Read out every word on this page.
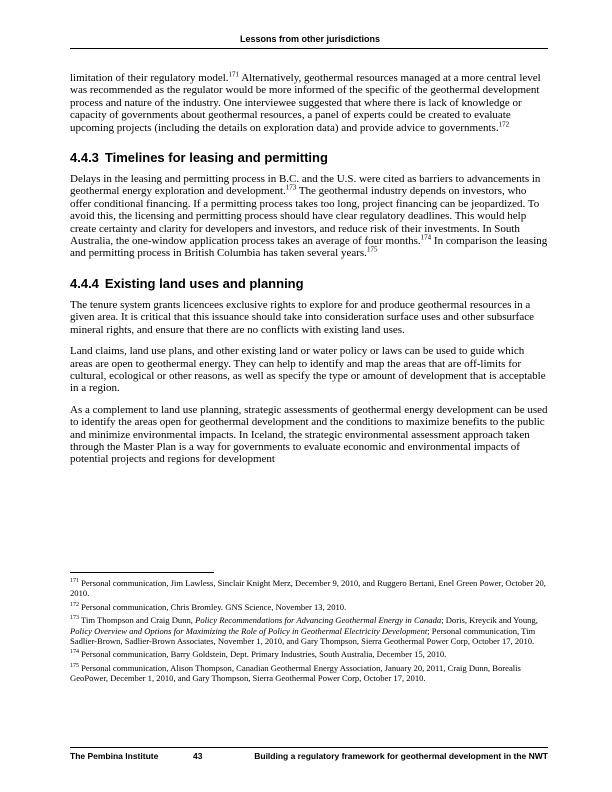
Lessons from other jurisdictions

limitation of their regulatory model.$^{171}$ Alternatively, geothermal resources managed at a more central level was recommended as the regulator would be more informed of the specific of the geothermal development process and nature of the industry. One interviewee suggested that where there is lack of knowledge or capacity of governments about geothermal resources, a panel of experts could be created to evaluate upcoming projects (including the details on exploration data) and provide advice to governments.$^{172}$

4.4.3 Timelines for leasing and permitting

Delays in the leasing and permitting process in B.C. and the U.S. were cited as barriers to advancements in geothermal energy exploration and development.$^{173}$ The geothermal industry depends on investors, who offer conditional financing. If a permitting process takes too long, project financing can be jeopardized. To avoid this, the licensing and permitting process should have clear regulatory deadlines. This would help create certainty and clarity for developers and investors, and reduce risk of their investments. In South Australia, the one-window application process takes an average of four months.$^{174}$ In comparison the leasing and permitting process in British Columbia has taken several years.$^{175}$

4.4.4 Existing land uses and planning

The tenure system grants licencees exclusive rights to explore for and produce geothermal resources in a given area. It is critical that this issuance should take into consideration surface uses and other subsurface mineral rights, and ensure that there are no conflicts with existing land uses.

Land claims, land use plans, and other existing land or water policy or laws can be used to guide which areas are open to geothermal energy. They can help to identify and map the areas that are off-limits for cultural, ecological or other reasons, as well as specify the type or amount of development that is acceptable in a region.

As a complement to land use planning, strategic assessments of geothermal energy development can be used to identify the areas open for geothermal development and the conditions to maximize benefits to the public and minimize environmental impacts. In Iceland, the strategic environmental assessment approach taken through the Master Plan is a way for governments to evaluate economic and environmental impacts of potential projects and regions for development

$^{171}$ Personal communication, Jim Lawless, Sinclair Knight Merz, December 9, 2010, and Ruggero Bertani, Enel Green Power, October 20, 2010.
$^{172}$ Personal communication, Chris Bromley. GNS Science, November 13, 2010.
$^{173}$ Tim Thompson and Craig Dunn, Policy Recommendations for Advancing Geothermal Energy in Canada; Doris, Kreycik and Young, Policy Overview and Options for Maximizing the Role of Policy in Geothermal Electricity Development; Personal communication, Tim Sadlier-Brown, Sadlier-Brown Associates, November 1, 2010, and Gary Thompson, Sierra Geothermal Power Corp, October 17, 2010.
$^{174}$ Personal communication, Barry Goldstein, Dept. Primary Industries, South Australia, December 15, 2010.
$^{175}$ Personal communication, Alison Thompson, Canadian Geothermal Energy Association, January 20, 2011, Craig Dunn, Borealis GeoPower, December 1, 2010, and Gary Thompson, Sierra Geothermal Power Corp, October 17, 2010.
The Pembina Institute	43	Building a regulatory framework for geothermal development in the NWT
